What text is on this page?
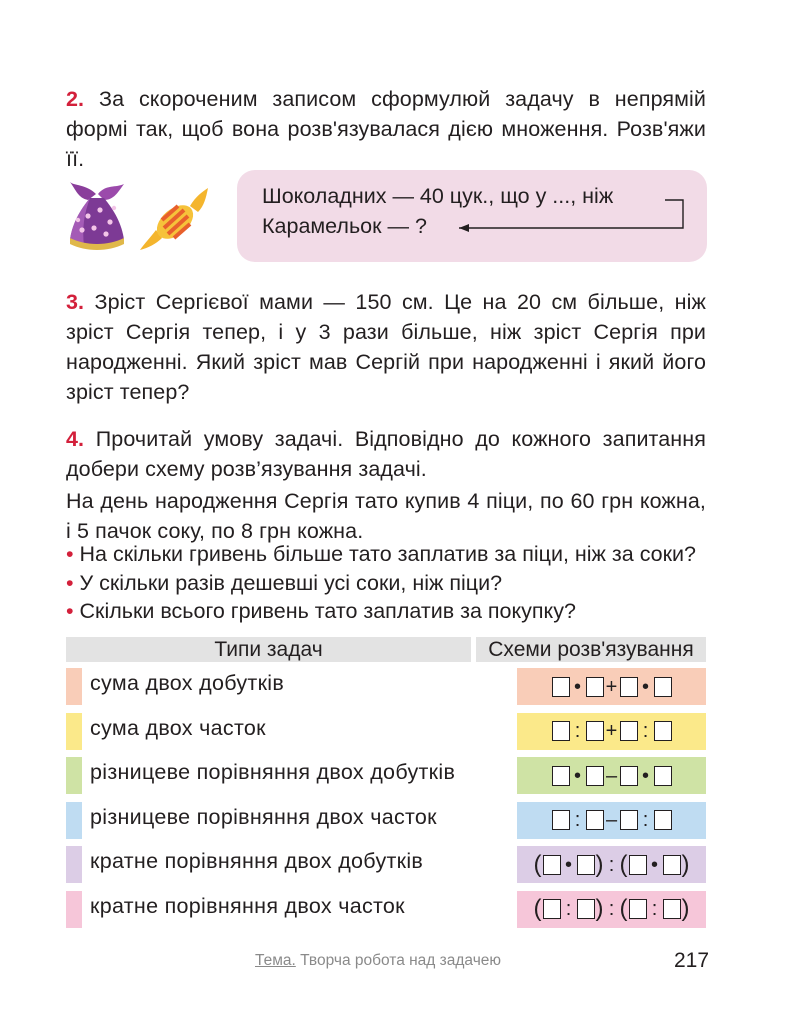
2. За скороченим записом сформулюй задачу в непрямій формі так, щоб вона розв'язувалася дією множення. Розв'яжи її.
Шоколадних — 40 цук., що у ..., ніж
Карамельок — ?
3. Зріст Сергієвої мами — 150 см. Це на 20 см більше, ніж зріст Сергія тепер, і у 3 рази більше, ніж зріст Сергія при народженні. Який зріст мав Сергій при народженні і який його зріст тепер?
4. Прочитай умову задачі. Відповідно до кожного запитання добери схему розв’язування задачі.
На день народження Сергія тато купив 4 піци, по 60 грн кожна, і 5 пачок соку, по 8 грн кожна.
• На скільки гривень більше тато заплатив за піци, ніж за соки?
• У скільки разів дешевші усі соки, ніж піци?
• Скільки всього гривень тато заплатив за покупку?
Типи задач	Схеми розв'язування
сума двох добутків	• + •
сума двох часток	: + :
різницеве порівняння двох добутків	• – •
різницеве порівняння двох часток	: – :
кратне порівняння двох добутків	( • ) : ( • )
кратне порівняння двох часток	( : ) : ( : )
Тема. Творча робота над задачею	217
